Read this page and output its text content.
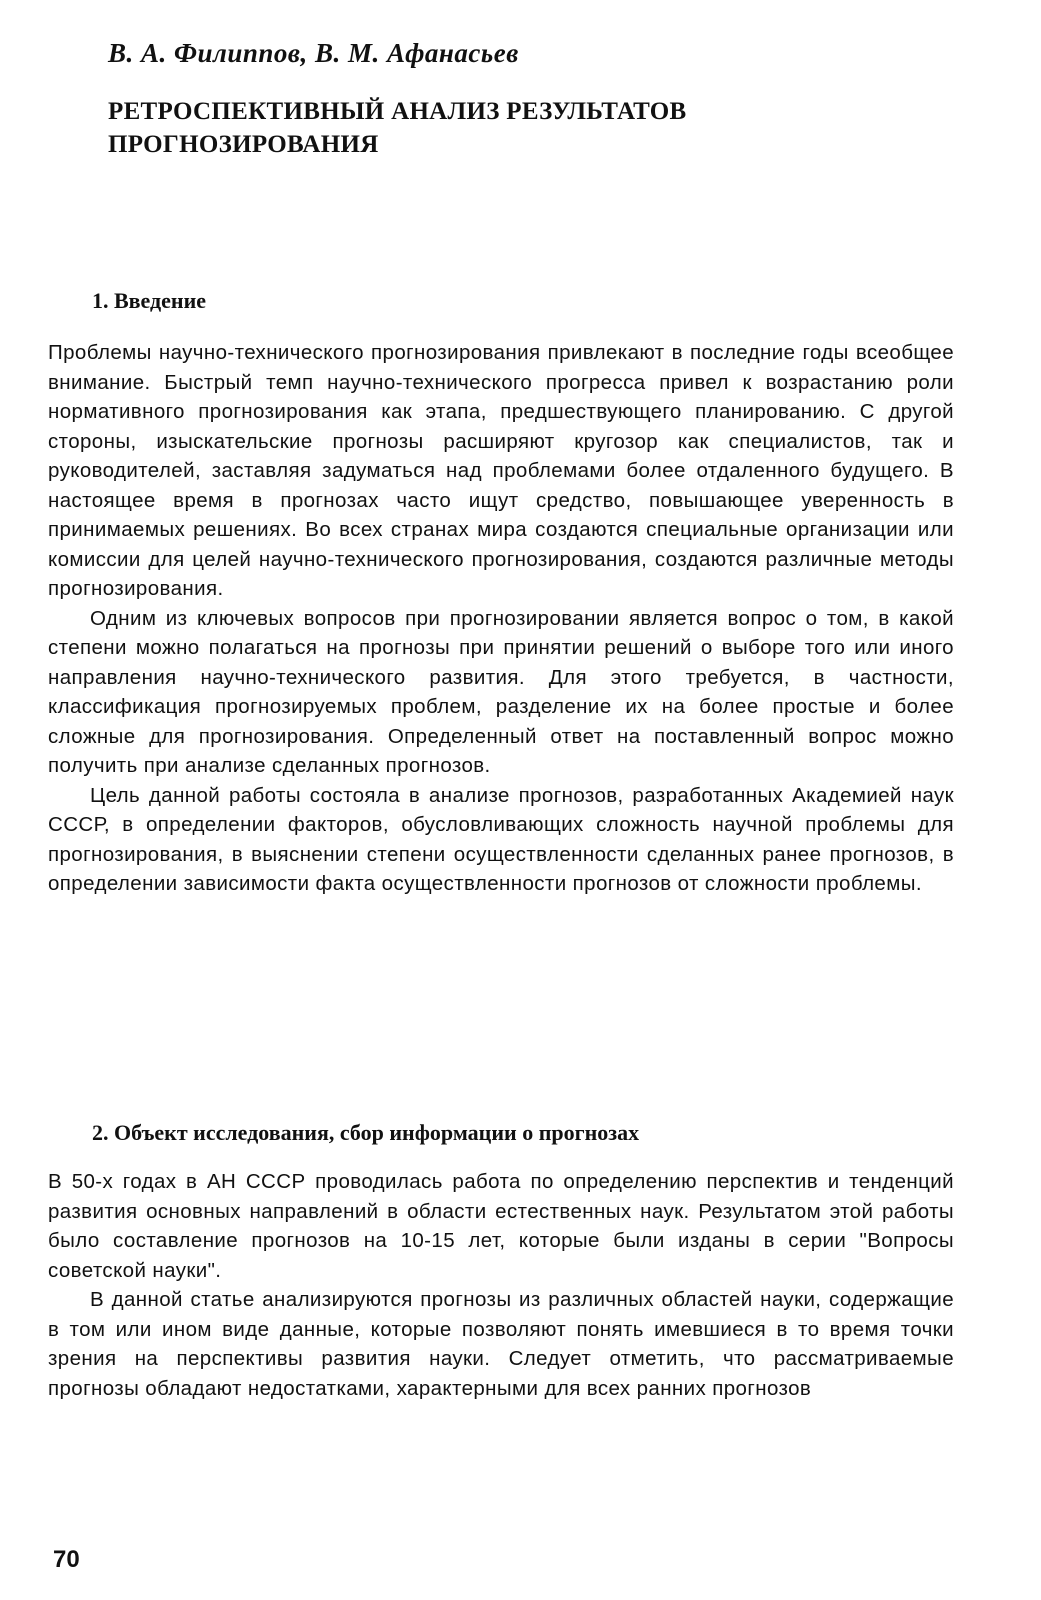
В. А. Филиппов, В. М. Афанасьев
РЕТРОСПЕКТИВНЫЙ АНАЛИЗ РЕЗУЛЬТАТОВ ПРОГНОЗИРОВАНИЯ
1. Введение

Проблемы научно-технического прогнозирования привлекают в последние годы всеобщее внимание. Быстрый темп научно-технического прогресса привел к возрастанию роли нормативного прогнозирования как этапа, предшествующего планированию. С другой стороны, изыскательские прогнозы расширяют кругозор как специалистов, так и руководителей, заставляя задуматься над проблемами более отдаленного будущего. В настоящее время в прогнозах часто ищут средство, повышающее уверенность в принимаемых решениях. Во всех странах мира создаются специальные организации или комиссии для целей научно-технического прогнозирования, создаются различные методы прогнозирования.

Одним из ключевых вопросов при прогнозировании является вопрос о том, в какой степени можно полагаться на прогнозы при принятии решений о выборе того или иного направления научно-технического развития. Для этого требуется, в частности, классификация прогнозируемых проблем, разделение их на более простые и более сложные для прогнозирования. Определенный ответ на поставленный вопрос можно получить при анализе сделанных прогнозов.

Цель данной работы состояла в анализе прогнозов, разработанных Академией наук СССР, в определении факторов, обусловливающих сложность научной проблемы для прогнозирования, в выяснении степени осуществленности сделанных ранее прогнозов, в определении зависимости факта осуществленности прогнозов от сложности проблемы.

2. Объект исследования, сбор информации о прогнозах

В 50-х годах в АН СССР проводилась работа по определению перспектив и тенденций развития основных направлений в области естественных наук. Результатом этой работы было составление прогнозов на 10-15 лет, которые были изданы в серии "Вопросы советской науки".

В данной статье анализируются прогнозы из различных областей науки, содержащие в том или ином виде данные, которые позволяют понять имевшиеся в то время точки зрения на перспективы развития науки. Следует отметить, что рассматриваемые прогнозы обладают недостатками, характерными для всех ранних прогнозов

70
